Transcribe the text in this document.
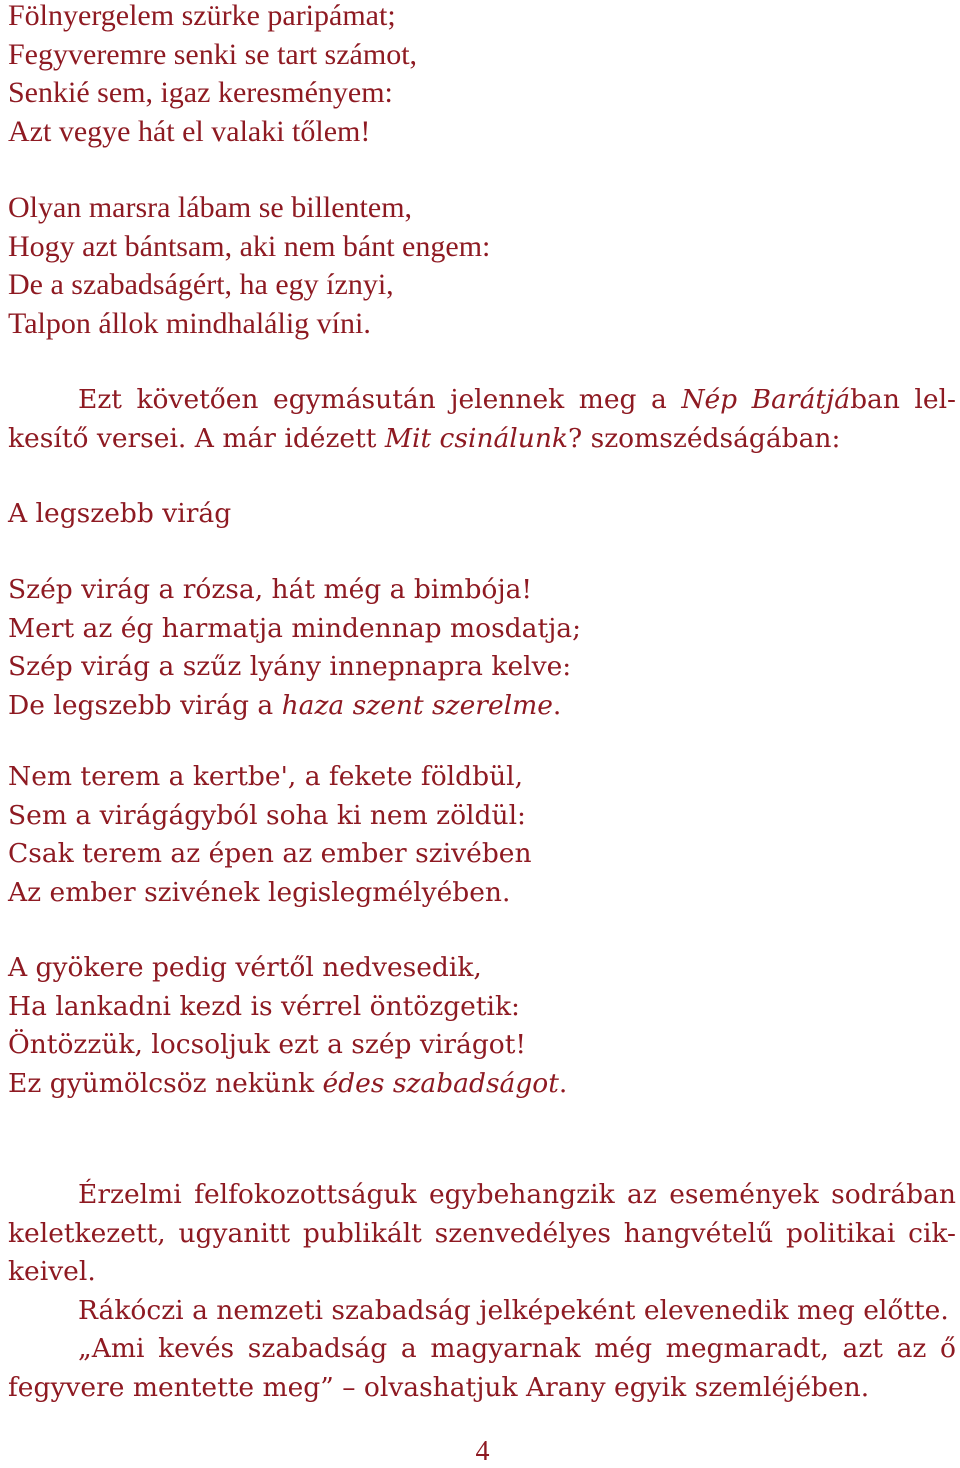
Fölnyergelem szürke paripámat;
Fegyveremre senki se tart számot,
Senkié sem, igaz keresményem:
Azt vegye hát el valaki tőlem!
Olyan marsra lábam se billentem,
Hogy azt bántsam, aki nem bánt engem:
De a szabadságért, ha egy íznyi,
Talpon állok mindhalálig víni.
Ezt követően egymásután jelennek meg a Nép Barátjában lel-
kesítő versei. A már idézett Mit csinálunk? szomszédságában:
A legszebb virág
Szép virág a rózsa, hát még a bimbója!
Mert az ég harmatja mindennap mosdatja;
Szép virág a szűz lyány innepnapra kelve:
De legszebb virág a haza szent szerelme.
Nem terem a kertbe', a fekete földbül,
Sem a virágágyból soha ki nem zöldül:
Csak terem az épen az ember szivében
Az ember szivének legislegmélyében.
A gyökere pedig vértől nedvesedik,
Ha lankadni kezd is vérrel öntözgetik:
Öntözzük, locsoljuk ezt a szép virágot!
Ez gyümölcsöz nekünk édes szabadságot.
Érzelmi felfokozottságuk egybehangzik az események sodrában
keletkezett, ugyanitt publikált szenvedélyes hangvételű politikai cik-
keivel.
Rákóczi a nemzeti szabadság jelképeként elevenedik meg előtte.
„Ami kevés szabadság a magyarnak még megmaradt, azt az ő
fegyvere mentette meg” – olvashatjuk Arany egyik szemléjében.
4
